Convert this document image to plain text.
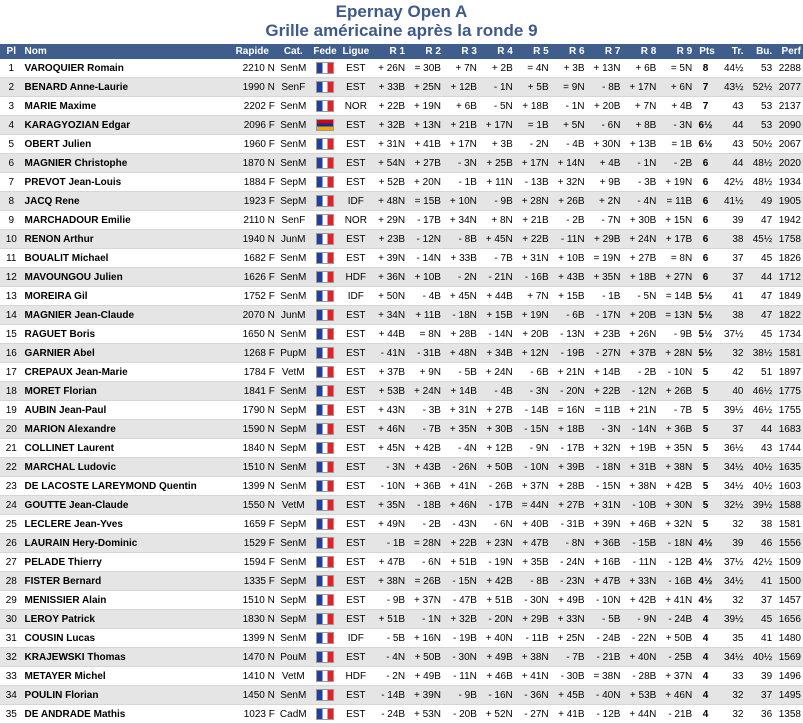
Epernay Open A
Grille américaine après la ronde 9
Pl	Nom	Rapide	Cat.	Fede	Ligue	R 1	R 2	R 3	R 4	R 5	R 6	R 7	R 8	R 9	Pts	Tr.	Bu.	Perf
1	VAROQUIER Romain	2210 N	SenM		EST	+ 26N	= 30B	+ 7N	+ 2B	= 4N	+ 3B	+ 13N	+ 6B	= 5N	8	44½	53	2288
2	BENARD Anne-Laurie	1990 N	SenF		EST	+ 33B	+ 25N	+ 12B	- 1N	+ 5B	= 9N	- 8B	+ 17N	+ 6N	7	43½	52½	2077
3	MARIE Maxime	2202 F	SenM		NOR	+ 22B	+ 19N	+ 6B	- 5N	+ 18B	- 1N	+ 20B	+ 7N	+ 4B	7	43	53	2137
4	KARAGYOZIAN Edgar	2096 F	SenM		EST	+ 32B	+ 13N	+ 21B	+ 17N	= 1B	+ 5N	- 6N	+ 8B	- 3N	6½	44	53	2090
5	OBERT Julien	1960 F	SenM		EST	+ 31N	+ 41B	+ 17N	+ 3B	- 2N	- 4B	+ 30N	+ 13B	= 1B	6½	43	50½	2067
6	MAGNIER Christophe	1870 N	SenM		EST	+ 54N	+ 27B	- 3N	+ 25B	+ 17N	+ 14N	+ 4B	- 1N	- 2B	6	44	48½	2020
7	PREVOT Jean-Louis	1884 F	SepM		EST	+ 52B	+ 20N	- 1B	+ 11N	- 13B	+ 32N	+ 9B	- 3B	+ 19N	6	42½	48½	1934
8	JACQ Rene	1923 F	SepM		IDF	+ 48N	= 15B	+ 10N	- 9B	+ 28N	+ 26B	+ 2N	- 4N	= 11B	6	41½	49	1905
9	MARCHADOUR Emilie	2110 N	SenF		NOR	+ 29N	- 17B	+ 34N	+ 8N	+ 21B	- 2B	- 7N	+ 30B	+ 15N	6	39	47	1942
10	RENON Arthur	1940 N	JunM		EST	+ 23B	- 12N	- 8B	+ 45N	+ 22B	- 11N	+ 29B	+ 24N	+ 17B	6	38	45½	1758
11	BOUALIT Michael	1682 F	SenM		EST	+ 39N	- 14N	+ 33B	- 7B	+ 31N	+ 10B	= 19N	+ 27B	= 8N	6	37	45	1826
12	MAVOUNGOU Julien	1626 F	SenM		HDF	+ 36N	+ 10B	- 2N	- 21N	- 16B	+ 43B	+ 35N	+ 18B	+ 27N	6	37	44	1712
13	MOREIRA Gil	1752 F	SenM		IDF	+ 50N	- 4B	+ 45N	+ 44B	+ 7N	+ 15B	- 1B	- 5N	= 14B	5½	41	47	1849
14	MAGNIER Jean-Claude	2070 N	JunM		EST	+ 34N	+ 11B	- 18N	+ 15B	+ 19N	- 6B	- 17N	+ 20B	= 13N	5½	38	47	1822
15	RAGUET Boris	1650 N	SenM		EST	+ 44B	= 8N	+ 28B	- 14N	+ 20B	- 13N	+ 23B	+ 26N	- 9B	5½	37½	45	1734
16	GARNIER Abel	1268 F	PupM		EST	- 41N	- 31B	+ 48N	+ 34B	+ 12N	- 19B	- 27N	+ 37B	+ 28N	5½	32	38½	1581
17	CREPAUX Jean-Marie	1784 F	VetM		EST	+ 37B	+ 9N	- 5B	+ 24N	- 6B	+ 21N	+ 14B	- 2B	- 10N	5	42	51	1897
18	MORET Florian	1841 F	SenM		EST	+ 53B	+ 24N	+ 14B	- 4B	- 3N	- 20N	+ 22B	- 12N	+ 26B	5	40	46½	1775
19	AUBIN Jean-Paul	1790 N	SepM		EST	+ 43N	- 3B	+ 31N	+ 27B	- 14B	= 16N	= 11B	+ 21N	- 7B	5	39½	46½	1755
20	MARION Alexandre	1590 N	SepM		EST	+ 46N	- 7B	+ 35N	+ 30B	- 15N	+ 18B	- 3N	- 14N	+ 36B	5	37	44	1683
21	COLLINET Laurent	1840 N	SepM		EST	+ 45N	+ 42B	- 4N	+ 12B	- 9N	- 17B	+ 32N	+ 19B	+ 35N	5	36½	43	1744
22	MARCHAL Ludovic	1510 N	SenM		EST	- 3N	+ 43B	- 26N	+ 50B	- 10N	+ 39B	- 18N	+ 31B	+ 38N	5	34½	40½	1635
23	DE LACOSTE LAREYMOND Quentin	1399 N	SenM		EST	- 10N	+ 36B	+ 41N	- 26B	+ 37N	+ 28B	- 15N	+ 38N	+ 42B	5	34½	40½	1603
24	GOUTTE Jean-Claude	1550 N	VetM		EST	+ 35N	- 18B	+ 46N	- 17B	= 44N	+ 27B	+ 31N	- 10B	+ 30N	5	32½	39½	1588
25	LECLERE Jean-Yves	1659 F	SepM		EST	+ 49N	- 2B	- 43N	- 6N	+ 40B	- 31B	+ 39N	+ 46B	+ 32N	5	32	38	1581
26	LAURAIN Hery-Dominic	1529 F	SenM		EST	- 1B	= 28N	+ 22B	+ 23N	+ 47B	- 8N	+ 36B	- 15B	- 18N	4½	39	46	1556
27	PELADE Thierry	1594 F	SenM		EST	+ 47B	- 6N	+ 51B	- 19N	+ 35B	- 24N	+ 16B	- 11N	- 12B	4½	37½	42½	1509
28	FISTER Bernard	1335 F	SepM		EST	+ 38N	= 26B	- 15N	+ 42B	- 8B	- 23N	+ 47B	+ 33N	- 16B	4½	34½	41	1500
29	MENISSIER Alain	1510 N	SepM		EST	- 9B	+ 37N	- 47B	+ 51B	- 30N	+ 49B	- 10N	+ 42B	+ 41N	4½	32	37	1457
30	LEROY Patrick	1830 N	SepM		EST	+ 51B	- 1N	+ 32B	- 20N	+ 29B	+ 33N	- 5B	- 9N	- 24B	4	39½	45	1656
31	COUSIN Lucas	1399 N	SenM		IDF	- 5B	+ 16N	- 19B	+ 40N	- 11B	+ 25N	- 24B	- 22N	+ 50B	4	35	41	1480
32	KRAJEWSKI Thomas	1470 N	PouM		EST	- 4N	+ 50B	- 30N	+ 49B	+ 38N	- 7B	- 21B	+ 40N	- 25B	4	34½	40½	1569
33	METAYER Michel	1410 N	VetM		HDF	- 2N	+ 49B	- 11N	+ 46B	+ 41N	- 30B	= 38N	- 28B	+ 37N	4	33	39	1496
34	POULIN Florian	1450 N	SenM		EST	- 14B	+ 39N	- 9B	- 16N	- 36N	+ 45B	- 40N	+ 53B	+ 46N	4	32	37	1495
35	DE ANDRADE Mathis	1023 F	CadM		EST	- 24B	+ 53N	- 20B	+ 52N	- 27N	+ 41B	- 12B	+ 44N	- 21B	4	32	36	1358
